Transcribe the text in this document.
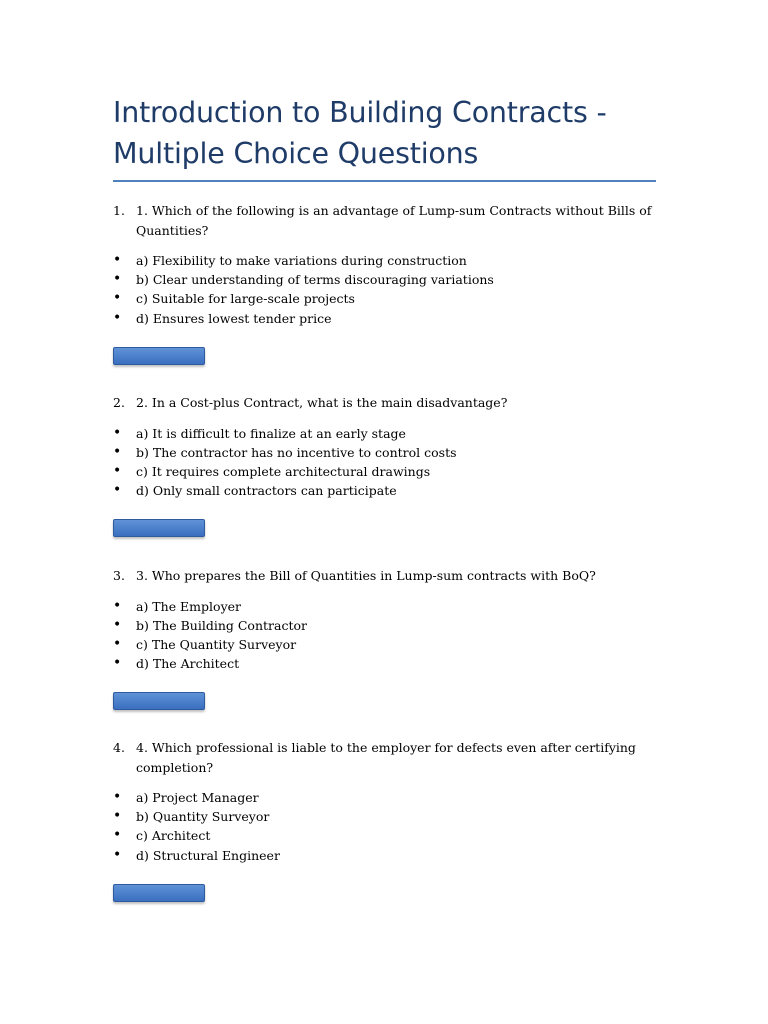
Introduction to Building Contracts - Multiple Choice Questions
1. 1. Which of the following is an advantage of Lump-sum Contracts without Bills of Quantities?
• a) Flexibility to make variations during construction
• b) Clear understanding of terms discouraging variations
• c) Suitable for large-scale projects
• d) Ensures lowest tender price
2. 2. In a Cost-plus Contract, what is the main disadvantage?
• a) It is difficult to finalize at an early stage
• b) The contractor has no incentive to control costs
• c) It requires complete architectural drawings
• d) Only small contractors can participate
3. 3. Who prepares the Bill of Quantities in Lump-sum contracts with BoQ?
• a) The Employer
• b) The Building Contractor
• c) The Quantity Surveyor
• d) The Architect
4. 4. Which professional is liable to the employer for defects even after certifying completion?
• a) Project Manager
• b) Quantity Surveyor
• c) Architect
• d) Structural Engineer
